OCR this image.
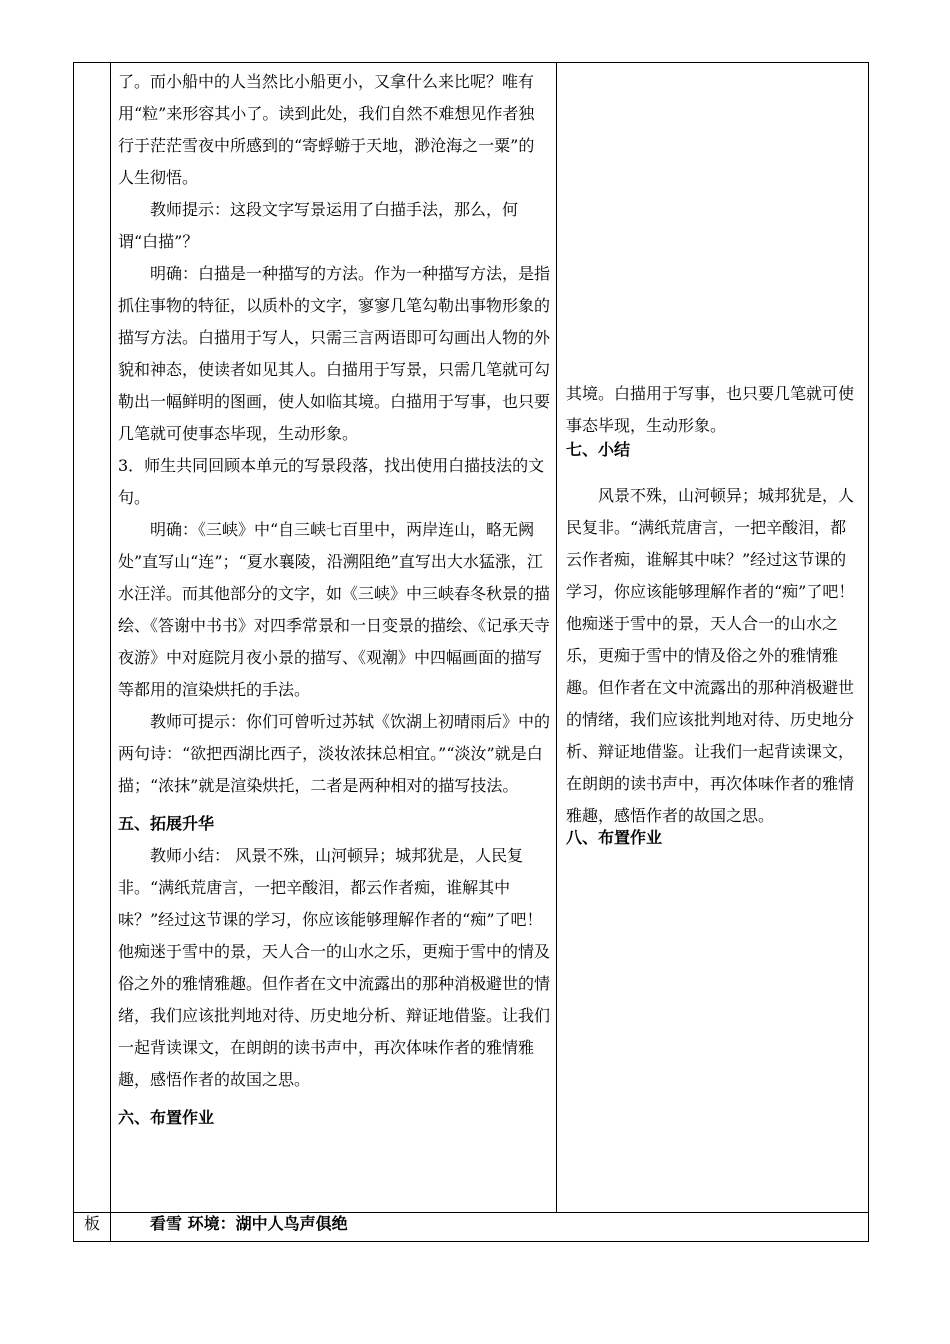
了。而小船中的人当然比小船更小，又拿什么来比呢？唯有用“粒”来形容其小了。读到此处，我们自然不难想见作者独行于茫茫雪夜中所感到的“寄蜉蝣于天地，渺沧海之一粟”的人生彻悟。

教师提示：这段文字写景运用了白描手法，那么，何谓“白描”？

明确：白描是一种描写的方法。作为一种描写方法，是指抓住事物的特征，以质朴的文字，寥寥几笔勾勒出事物形象的描写方法。白描用于写人，只需三言两语即可勾画出人物的外貌和神态，使读者如见其人。白描用于写景，只需几笔就可勾勒出一幅鲜明的图画，使人如临其境。白描用于写事，也只要几笔就可使事态毕现，生动形象。

3．师生共同回顾本单元的写景段落，找出使用白描技法的文句。

明确：《三峡》中“自三峡七百里中，两岸连山，略无阙处”直写山“连”；“夏水襄陵，沿溯阻绝”直写出大水猛涨，江水汪洋。而其他部分的文字，如《三峡》中三峡春冬秋景的描绘、《答谢中书书》对四季常景和一日变景的描绘、《记承天寺夜游》中对庭院月夜小景的描写、《观潮》中四幅画面的描写等都用的渲染烘托的手法。

教师可提示：你们可曾听过苏轼《饮湖上初晴雨后》中的两句诗：“欲把西湖比西子，淡妆浓抹总相宜。”“淡汝”就是白描；“浓抹”就是渲染烘托，二者是两种相对的描写技法。

五、拓展升华

教师小结： 风景不殊，山河顿异；城邦犹是，人民复非。“满纸荒唐言，一把辛酸泪，都云作者痴，谁解其中味？”经过这节课的学习，你应该能够理解作者的“痴”了吧！他痴迷于雪中的景，天人合一的山水之乐，更痴于雪中的情及俗之外的雅情雅趣。但作者在文中流露出的那种消极避世的情绪，我们应该批判地对待、历史地分析、辩证地借鉴。让我们一起背读课文，在朗朗的读书声中，再次体味作者的雅情雅趣，感悟作者的故国之思。

六、布置作业

其境。白描用于写事，也只要几笔就可使事态毕现，生动形象。

七、小结

风景不殊，山河顿异；城邦犹是，人民复非。“满纸荒唐言，一把辛酸泪，都云作者痴，谁解其中味？”经过这节课的学习，你应该能够理解作者的“痴”了吧！他痴迷于雪中的景，天人合一的山水之乐，更痴于雪中的情及俗之外的雅情雅趣。但作者在文中流露出的那种消极避世的情绪，我们应该批判地对待、历史地分析、辩证地借鉴。让我们一起背读课文，在朗朗的读书声中，再次体味作者的雅情雅趣，感悟作者的故国之思。

八、布置作业

板	看雪 环境：湖中人鸟声俱绝
